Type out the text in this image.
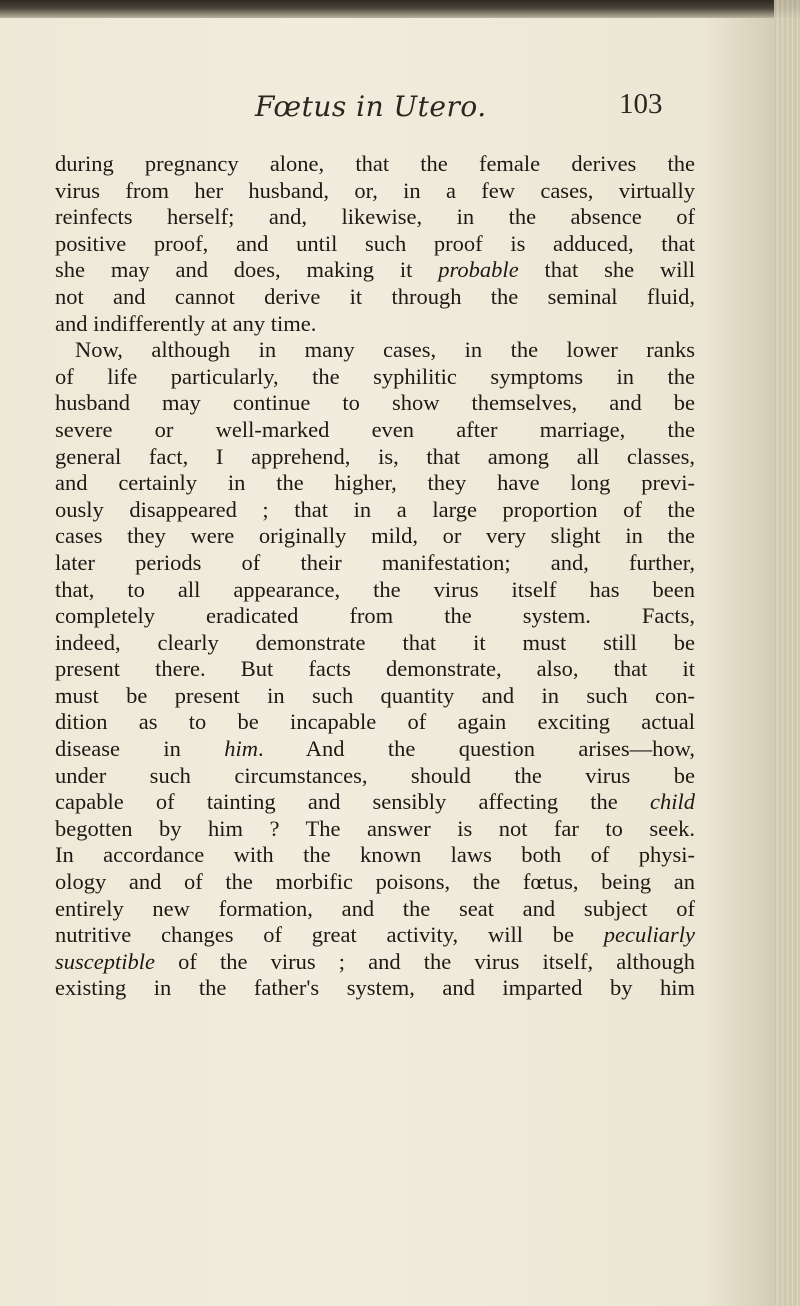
Fœtus in Utero.	103
during pregnancy alone, that the female derives the
virus from her husband, or, in a few cases, virtually
reinfects herself; and, likewise, in the absence of
positive proof, and until such proof is adduced, that
she may and does, making it probable that she will
not and cannot derive it through the seminal fluid,
and indifferently at any time.
Now, although in many cases, in the lower ranks
of life particularly, the syphilitic symptoms in the
husband may continue to show themselves, and be
severe or well-marked even after marriage, the
general fact, I apprehend, is, that among all classes,
and certainly in the higher, they have long previ-
ously disappeared ; that in a large proportion of the
cases they were originally mild, or very slight in the
later periods of their manifestation; and, further,
that, to all appearance, the virus itself has been
completely eradicated from the system. Facts,
indeed, clearly demonstrate that it must still be
present there. But facts demonstrate, also, that it
must be present in such quantity and in such con-
dition as to be incapable of again exciting actual
disease in him. And the question arises—how,
under such circumstances, should the virus be
capable of tainting and sensibly affecting the child
begotten by him ? The answer is not far to seek.
In accordance with the known laws both of physi-
ology and of the morbific poisons, the fœtus, being an
entirely new formation, and the seat and subject of
nutritive changes of great activity, will be peculiarly
susceptible of the virus ; and the virus itself, although
existing in the father's system, and imparted by him
